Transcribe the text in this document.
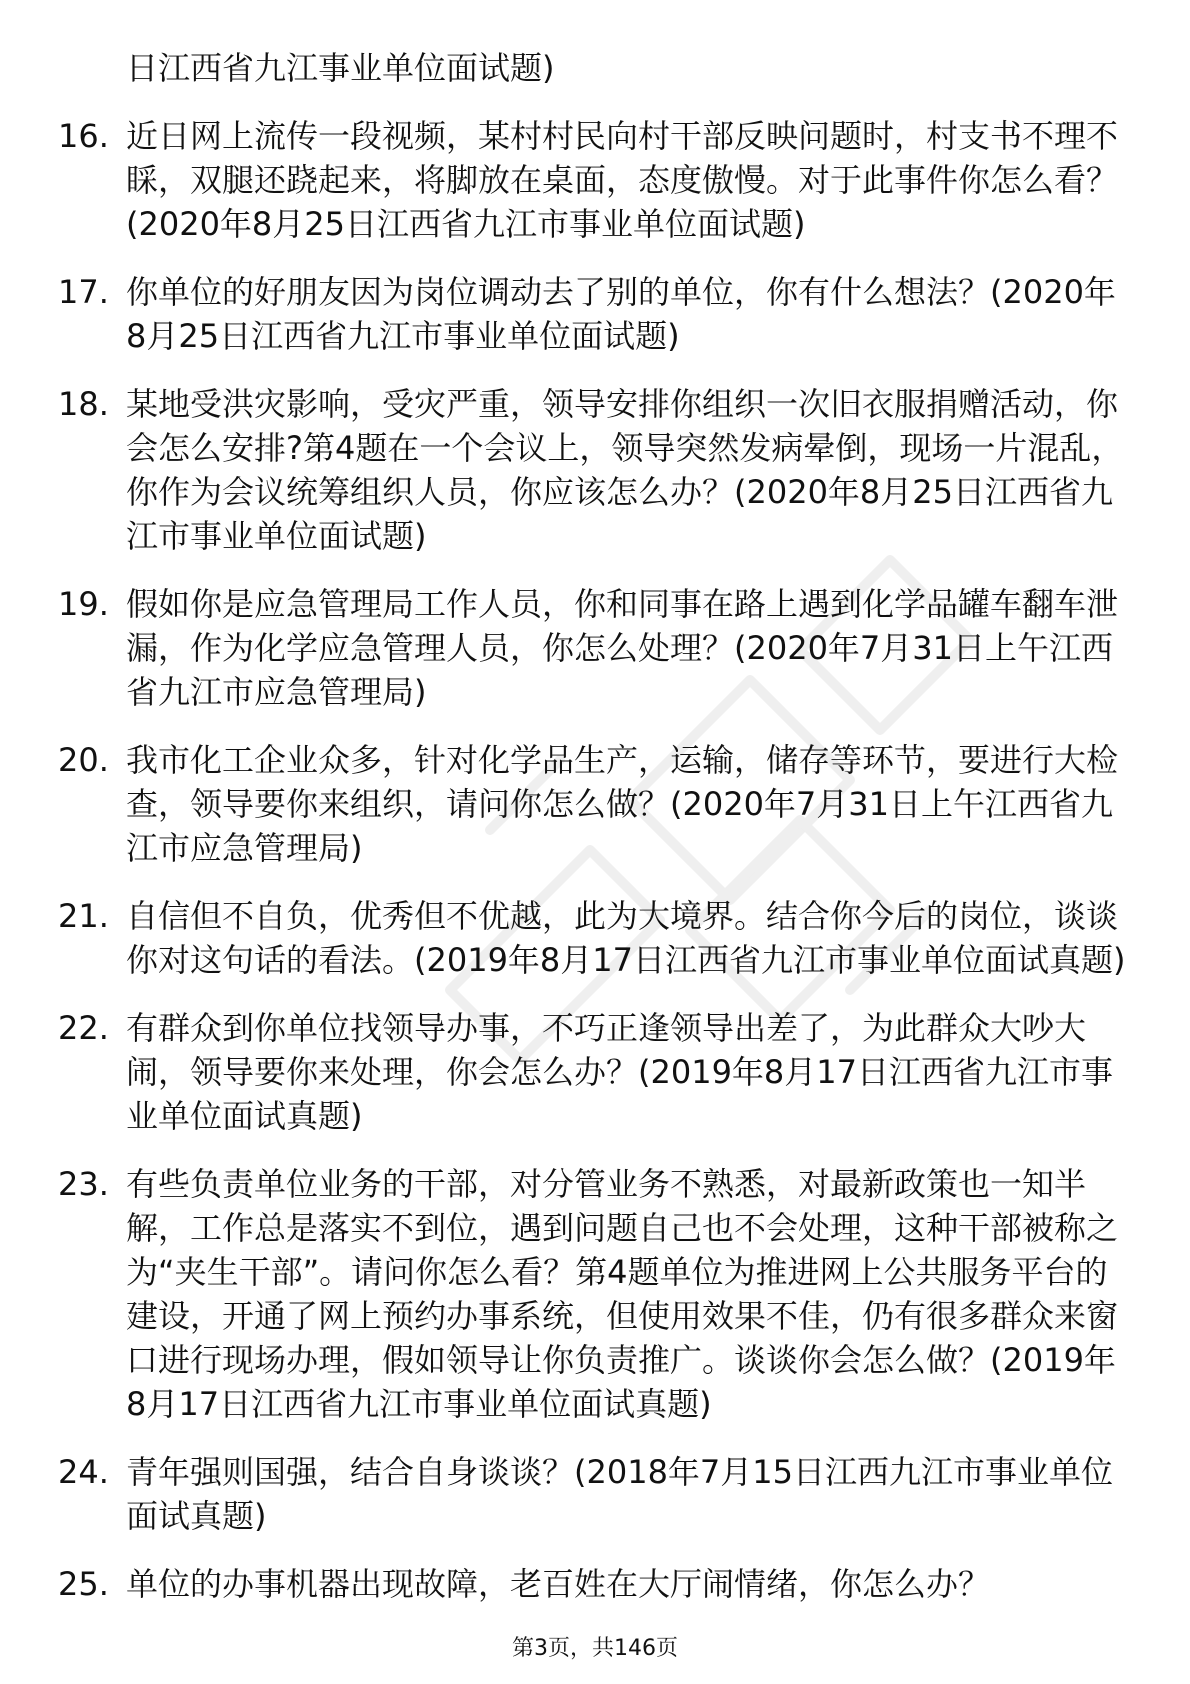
日江西省九江事业单位面试题)
16. 近日网上流传一段视频，某村村民向村干部反映问题时，村支书不理不睬，双腿还跷起来，将脚放在桌面，态度傲慢。对于此事件你怎么看？(2020年8月25日江西省九江市事业单位面试题)
17. 你单位的好朋友因为岗位调动去了别的单位，你有什么想法？(2020年8月25日江西省九江市事业单位面试题)
18. 某地受洪灾影响，受灾严重，领导安排你组织一次旧衣服捐赠活动，你会怎么安排?第4题在一个会议上，领导突然发病晕倒，现场一片混乱，你作为会议统筹组织人员，你应该怎么办？(2020年8月25日江西省九江市事业单位面试题)
19. 假如你是应急管理局工作人员，你和同事在路上遇到化学品罐车翻车泄漏，作为化学应急管理人员，你怎么处理？(2020年7月31日上午江西省九江市应急管理局)
20. 我市化工企业众多，针对化学品生产，运输，储存等环节，要进行大检查，领导要你来组织，请问你怎么做？(2020年7月31日上午江西省九江市应急管理局)
21. 自信但不自负，优秀但不优越，此为大境界。结合你今后的岗位，谈谈你对这句话的看法。(2019年8月17日江西省九江市事业单位面试真题)
22. 有群众到你单位找领导办事，不巧正逢领导出差了，为此群众大吵大闹，领导要你来处理，你会怎么办？(2019年8月17日江西省九江市事业单位面试真题)
23. 有些负责单位业务的干部，对分管业务不熟悉，对最新政策也一知半解，工作总是落实不到位，遇到问题自己也不会处理，这种干部被称之为“夹生干部”。请问你怎么看？第4题单位为推进网上公共服务平台的建设，开通了网上预约办事系统，但使用效果不佳，仍有很多群众来窗口进行现场办理，假如领导让你负责推广。谈谈你会怎么做？(2019年8月17日江西省九江市事业单位面试真题)
24. 青年强则国强，结合自身谈谈？(2018年7月15日江西九江市事业单位面试真题)
25. 单位的办事机器出现故障，老百姓在大厅闹情绪，你怎么办？
第3页，共146页
